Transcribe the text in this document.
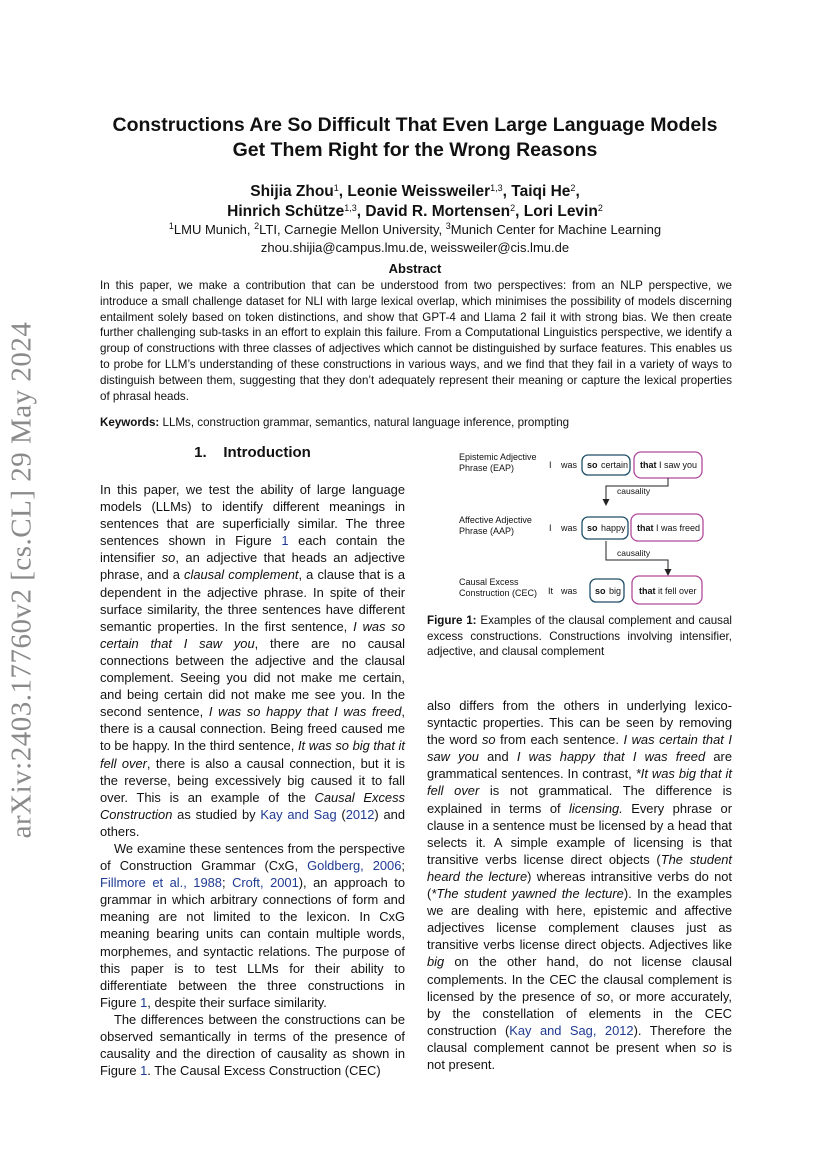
arXiv:2403.17760v2 [cs.CL] 29 May 2024
Constructions Are So Difficult That Even Large Language Models
Get Them Right for the Wrong Reasons
Shijia Zhou$^1$, Leonie Weissweiler$^{1,3}$, Taiqi He$^2$,
Hinrich Schütze$^{1,3}$, David R. Mortensen$^2$, Lori Levin$^2$
$^1$LMU Munich, $^2$LTI, Carnegie Mellon University, $^3$Munich Center for Machine Learning
zhou.shijia@campus.lmu.de, weissweiler@cis.lmu.de
Abstract
In this paper, we make a contribution that can be understood from two perspectives: from an NLP perspective, we introduce a small challenge dataset for NLI with large lexical overlap, which minimises the possibility of models discerning entailment solely based on token distinctions, and show that GPT-4 and Llama 2 fail it with strong bias. We then create further challenging sub-tasks in an effort to explain this failure. From a Computational Linguistics perspective, we identify a group of constructions with three classes of adjectives which cannot be distinguished by surface features. This enables us to probe for LLM’s understanding of these constructions in various ways, and we find that they fail in a variety of ways to distinguish between them, suggesting that they don’t adequately represent their meaning or capture the lexical properties of phrasal heads.
Keywords: LLMs, construction grammar, semantics, natural language inference, prompting
1. Introduction

In this paper, we test the ability of large language models (LLMs) to identify different meanings in sentences that are superficially similar. The three sentences shown in Figure 1 each contain the intensifier so, an adjective that heads an adjective phrase, and a clausal complement, a clause that is a dependent in the adjective phrase. In spite of their surface similarity, the three sentences have different semantic properties. In the first sentence, I was so certain that I saw you, there are no causal connections between the adjective and the clausal complement. Seeing you did not make me certain, and being certain did not make me see you. In the second sentence, I was so happy that I was freed, there is a causal connection. Being freed caused me to be happy. In the third sentence, It was so big that it fell over, there is also a causal connection, but it is the reverse, being excessively big caused it to fall over. This is an example of the Causal Excess Construction as studied by Kay and Sag (2012) and others.

We examine these sentences from the perspective of Construction Grammar (CxG, Goldberg, 2006; Fillmore et al., 1988; Croft, 2001), an approach to grammar in which arbitrary connections of form and meaning are not limited to the lexicon. In CxG meaning bearing units can contain multiple words, morphemes, and syntactic relations. The purpose of this paper is to test LLMs for their ability to differentiate between the three constructions in Figure 1, despite their surface similarity.

The differences between the constructions can be observed semantically in terms of the presence of causality and the direction of causality as shown in Figure 1. The Causal Excess Construction (CEC)

Epistemic Adjective
Phrase (EAP)	I was so certain that I saw you
causality
Affective Adjective
Phrase (AAP)	I was so happy that I was freed
causality
Causal Excess
Construction (CEC) It was so big that it fell over
Figure 1: Examples of the clausal complement and causal excess constructions. Constructions involving intensifier, adjective, and clausal complement

also differs from the others in underlying lexico-syntactic properties. This can be seen by removing the word so from each sentence. I was certain that I saw you and I was happy that I was freed are grammatical sentences. In contrast, *It was big that it fell over is not grammatical. The difference is explained in terms of licensing. Every phrase or clause in a sentence must be licensed by a head that selects it. A simple example of licensing is that transitive verbs license direct objects (The student heard the lecture) whereas intransitive verbs do not (*The student yawned the lecture). In the examples we are dealing with here, epistemic and affective adjectives license complement clauses just as transitive verbs license direct objects. Adjectives like big on the other hand, do not license clausal complements. In the CEC the clausal complement is licensed by the presence of so, or more accurately, by the constellation of elements in the CEC construction (Kay and Sag, 2012). Therefore the clausal complement cannot be present when so is not present.
